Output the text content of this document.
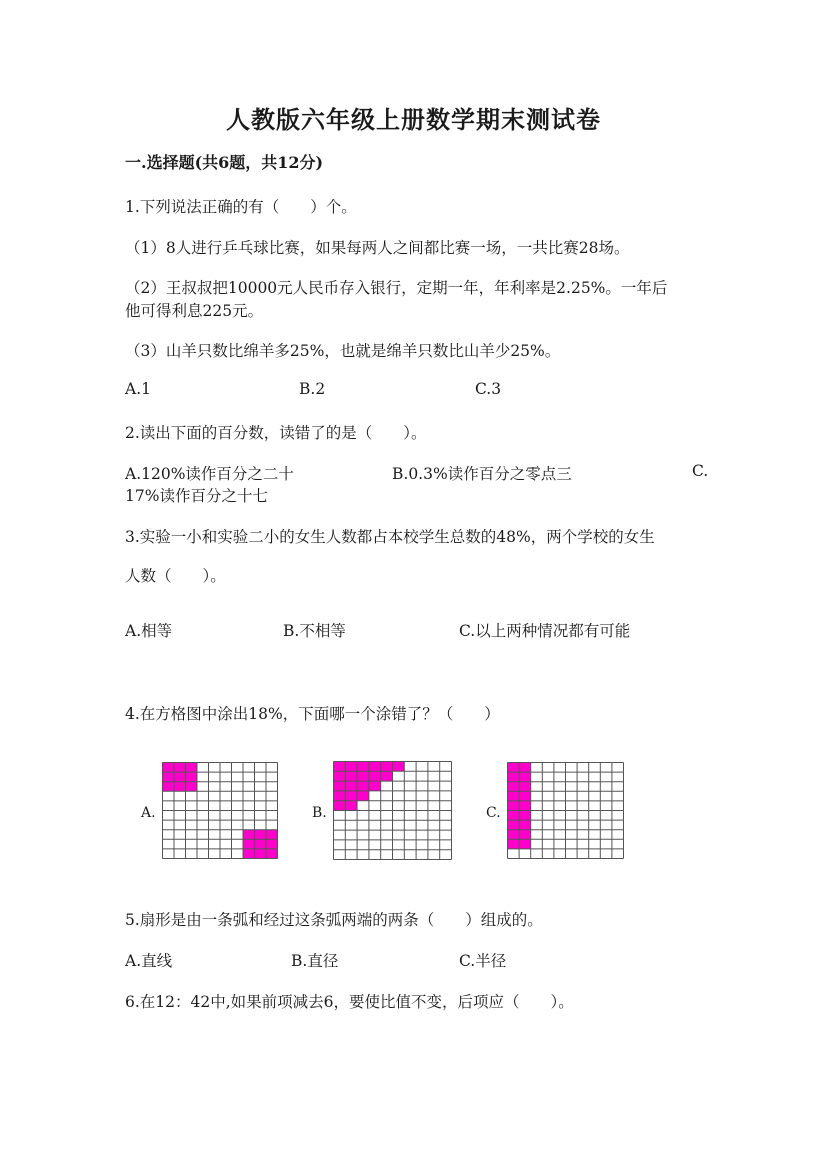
人教版六年级上册数学期末测试卷
一.选择题(共6题，共12分)
1.下列说法正确的有（　　）个。
（1）8人进行乒乓球比赛，如果每两人之间都比赛一场，一共比赛28场。
（2）王叔叔把10000元人民币存入银行，定期一年，年利率是2.25%。一年后
他可得利息225元。
（3）山羊只数比绵羊多25%，也就是绵羊只数比山羊少25%。
A.1	B.2	C.3
2.读出下面的百分数，读错了的是（　　）。
A.120%读作百分之二十	B.0.3%读作百分之零点三	C.
17%读作百分之十七
3.实验一小和实验二小的女生人数都占本校学生总数的48%，两个学校的女生
人数（　　）。
A.相等	B.不相等	C.以上两种情况都有可能
4.在方格图中涂出18%，下面哪一个涂错了？（　　）
A.	B.	C.
5.扇形是由一条弧和经过这条弧两端的两条（　　）组成的。
A.直线	B.直径	C.半径
6.在12：42中,如果前项减去6，要使比值不变，后项应（　　）。
